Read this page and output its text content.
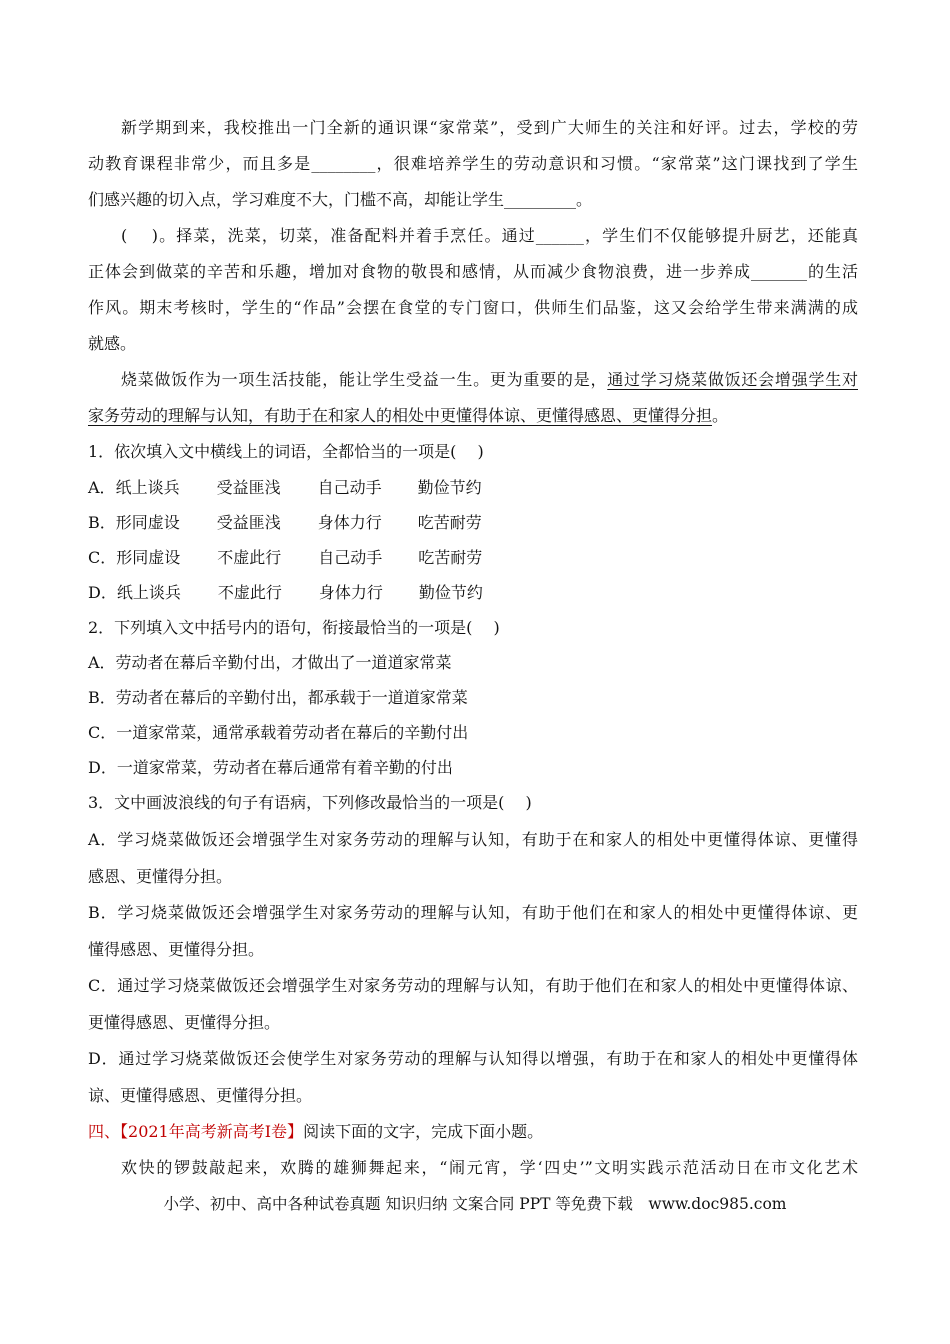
新学期到来，我校推出一门全新的通识课“家常菜”，受到广大师生的关注和好评。过去，学校的劳
动教育课程非常少，而且多是________，很难培养学生的劳动意识和习惯。“家常菜”这门课找到了学生
们感兴趣的切入点，学习难度不大，门槛不高，却能让学生_________。
(　 )。择菜，洗菜，切菜，准备配料并着手烹任。通过______，学生们不仅能够提升厨艺，还能真
正体会到做菜的辛苦和乐趣，增加对食物的敬畏和感情，从而减少食物浪费，进一步养成_______的生活
作风。期末考核时，学生的“作品”会摆在食堂的专门窗口，供师生们品鉴，这又会给学生带来满满的成
就感。
烧菜做饭作为一项生活技能，能让学生受益一生。更为重要的是，通过学习烧菜做饭还会增强学生对
家务劳动的理解与认知，有助于在和家人的相处中更懂得体谅、更懂得感恩、更懂得分担。
1．依次填入文中横线上的词语，全都恰当的一项是(　 )
A．纸上谈兵 受益匪浅 自己动手 勤俭节约
B．形同虚设 受益匪浅 身体力行 吃苦耐劳
C．形同虚设 不虚此行 自己动手 吃苦耐劳
D．纸上谈兵 不虚此行 身体力行 勤俭节约
2．下列填入文中括号内的语句，衔接最恰当的一项是(　 )
A．劳动者在幕后辛勤付出，才做出了一道道家常菜
B．劳动者在幕后的辛勤付出，都承载于一道道家常菜
C．一道家常菜，通常承载着劳动者在幕后的辛勤付出
D．一道家常菜，劳动者在幕后通常有着辛勤的付出
3．文中画波浪线的句子有语病，下列修改最恰当的一项是(　 )
A．学习烧菜做饭还会增强学生对家务劳动的理解与认知，有助于在和家人的相处中更懂得体谅、更懂得
感恩、更懂得分担。
B．学习烧菜做饭还会增强学生对家务劳动的理解与认知，有助于他们在和家人的相处中更懂得体谅、更
懂得感恩、更懂得分担。
C．通过学习烧菜做饭还会增强学生对家务劳动的理解与认知，有助于他们在和家人的相处中更懂得体谅、
更懂得感恩、更懂得分担。
D．通过学习烧菜做饭还会使学生对家务劳动的理解与认知得以增强，有助于在和家人的相处中更懂得体
谅、更懂得感恩、更懂得分担。
四、【2021年高考新高考Ⅰ卷】阅读下面的文字，完成下面小题。
欢快的锣鼓敲起来，欢腾的雄狮舞起来，“闹元宵，学‘四史’”文明实践示范活动日在市文化艺术
小学、初中、高中各种试卷真题 知识归纳 文案合同 PPT 等免费下载　www.doc985.com
